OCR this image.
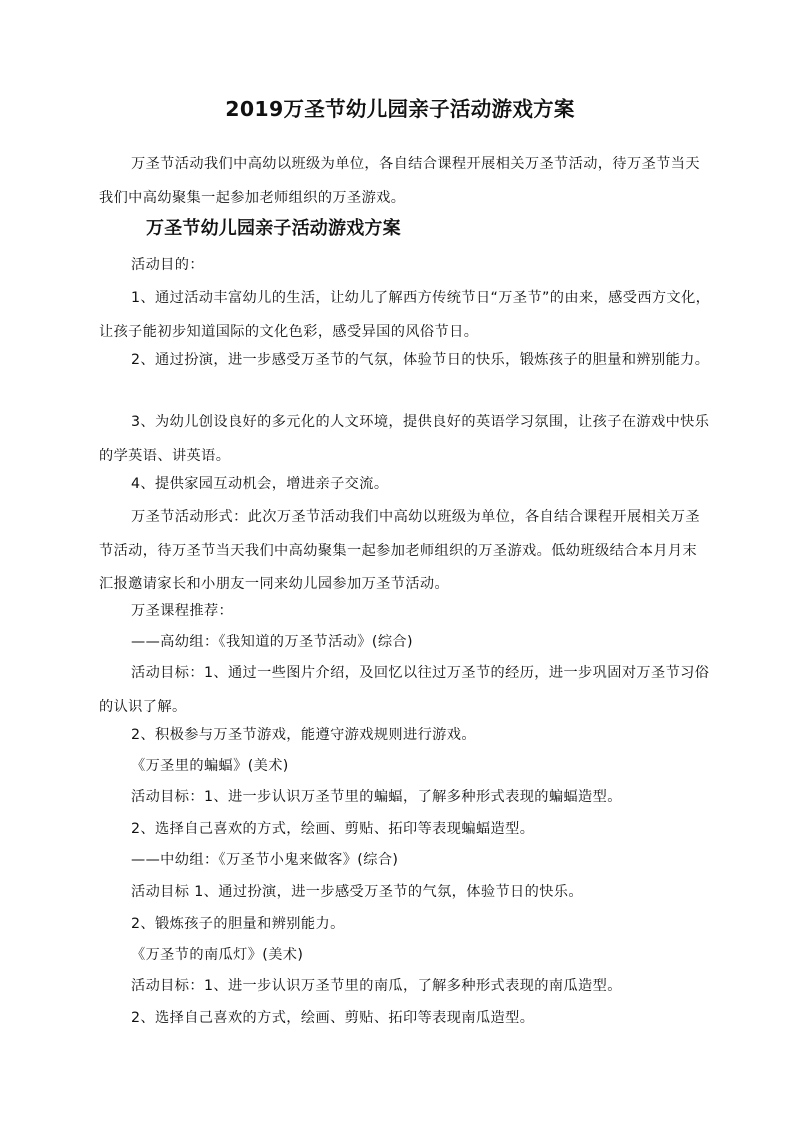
2019万圣节幼儿园亲子活动游戏方案

万圣节活动我们中高幼以班级为单位，各自结合课程开展相关万圣节活动，待万圣节当天我们中高幼聚集一起参加老师组织的万圣游戏。

万圣节幼儿园亲子活动游戏方案

活动目的：

1、通过活动丰富幼儿的生活，让幼儿了解西方传统节日“万圣节”的由来，感受西方文化，让孩子能初步知道国际的文化色彩，感受异国的风俗节日。

2、通过扮演，进一步感受万圣节的气氛，体验节日的快乐，锻炼孩子的胆量和辨别能力。

3、为幼儿创设良好的多元化的人文环境，提供良好的英语学习氛围，让孩子在游戏中快乐的学英语、讲英语。

4、提供家园互动机会，增进亲子交流。

万圣节活动形式：此次万圣节活动我们中高幼以班级为单位，各自结合课程开展相关万圣节活动，待万圣节当天我们中高幼聚集一起参加老师组织的万圣游戏。低幼班级结合本月月末汇报邀请家长和小朋友一同来幼儿园参加万圣节活动。

万圣课程推荐：

——高幼组：《我知道的万圣节活动》(综合)

活动目标：1、通过一些图片介绍，及回忆以往过万圣节的经历，进一步巩固对万圣节习俗的认识了解。

2、积极参与万圣节游戏，能遵守游戏规则进行游戏。

《万圣里的蝙蝠》(美术)

活动目标：1、进一步认识万圣节里的蝙蝠，了解多种形式表现的蝙蝠造型。

2、选择自己喜欢的方式，绘画、剪贴、拓印等表现蝙蝠造型。

——中幼组：《万圣节小鬼来做客》(综合)

活动目标 1、通过扮演，进一步感受万圣节的气氛，体验节日的快乐。

2、锻炼孩子的胆量和辨别能力。

《万圣节的南瓜灯》(美术)

活动目标：1、进一步认识万圣节里的南瓜，了解多种形式表现的南瓜造型。

2、选择自己喜欢的方式，绘画、剪贴、拓印等表现南瓜造型。
